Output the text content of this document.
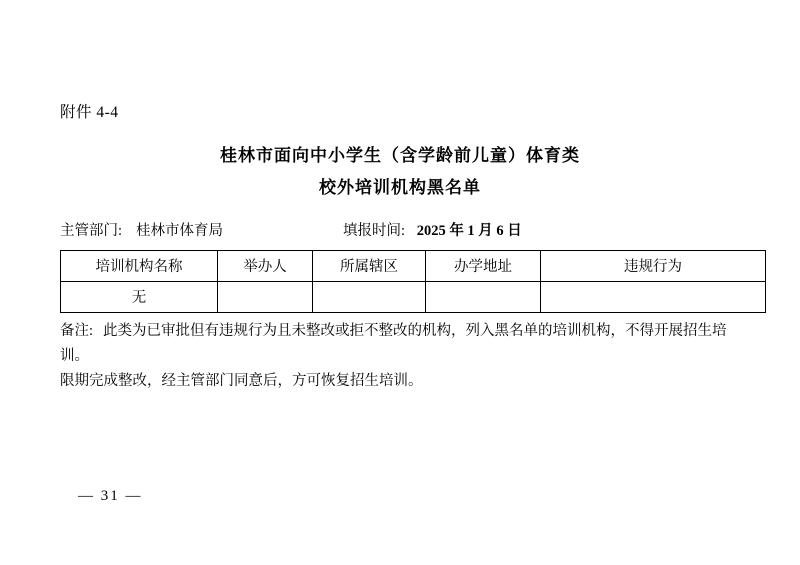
附件 4-4
桂林市面向中小学生（含学龄前儿童）体育类
校外培训机构黑名单
主管部门: 桂林市体育局	填报时间: 2025 年 1 月 6 日
培训机构名称	举办人	所属辖区	办学地址	违规行为
无				
备注: 此类为已审批但有违规行为且未整改或拒不整改的机构，列入黑名单的培训机构，不得开展招生培训。
限期完成整改，经主管部门同意后，方可恢复招生培训。
— 31 —
